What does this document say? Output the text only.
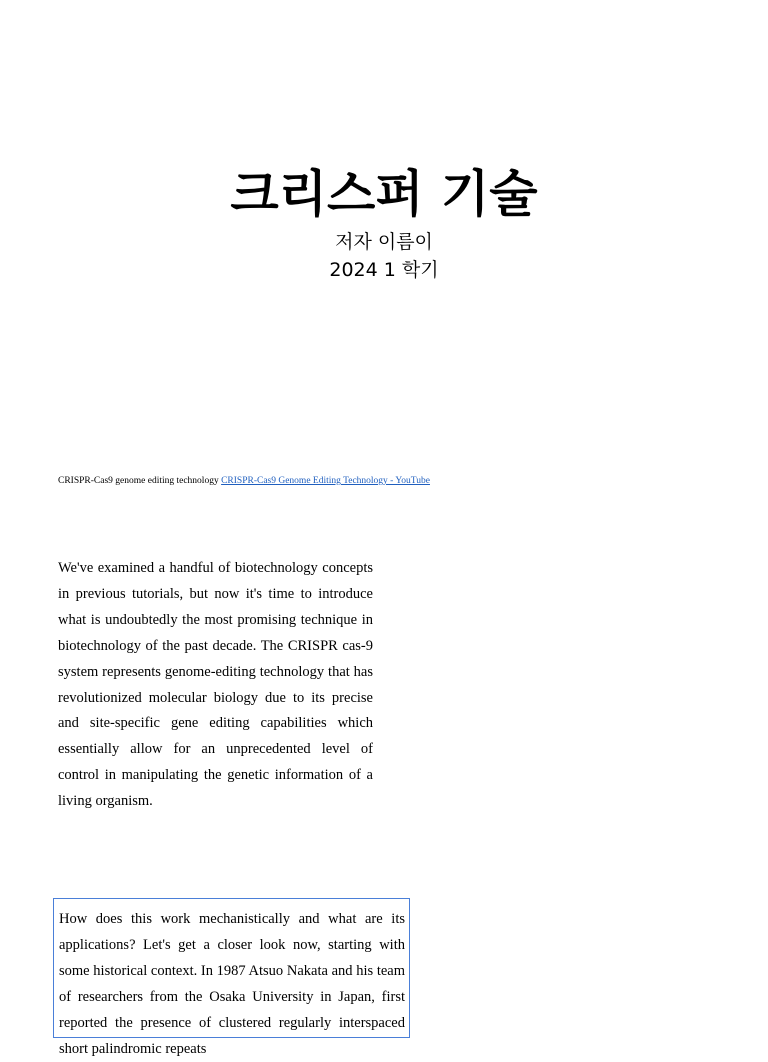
크리스퍼 기술
저자 이름이
2024 1 학기
CRISPR-Cas9 genome editing technology CRISPR-Cas9 Genome Editing Technology - YouTube
We've examined a handful of biotechnology concepts in previous tutorials, but now it's time to introduce what is undoubtedly the most promising technique in biotechnology of the past decade. The CRISPR cas-9 system represents genome-editing technology that has revolutionized molecular biology due to its precise and site-specific gene editing capabilities which essentially allow for an unprecedented level of control in manipulating the genetic information of a living organism.
How does this work mechanistically and what are its applications? Let's get a closer look now, starting with some historical context. In 1987 Atsuo Nakata and his team of researchers from the Osaka University in Japan, first reported the presence of clustered regularly interspaced short palindromic repeats
